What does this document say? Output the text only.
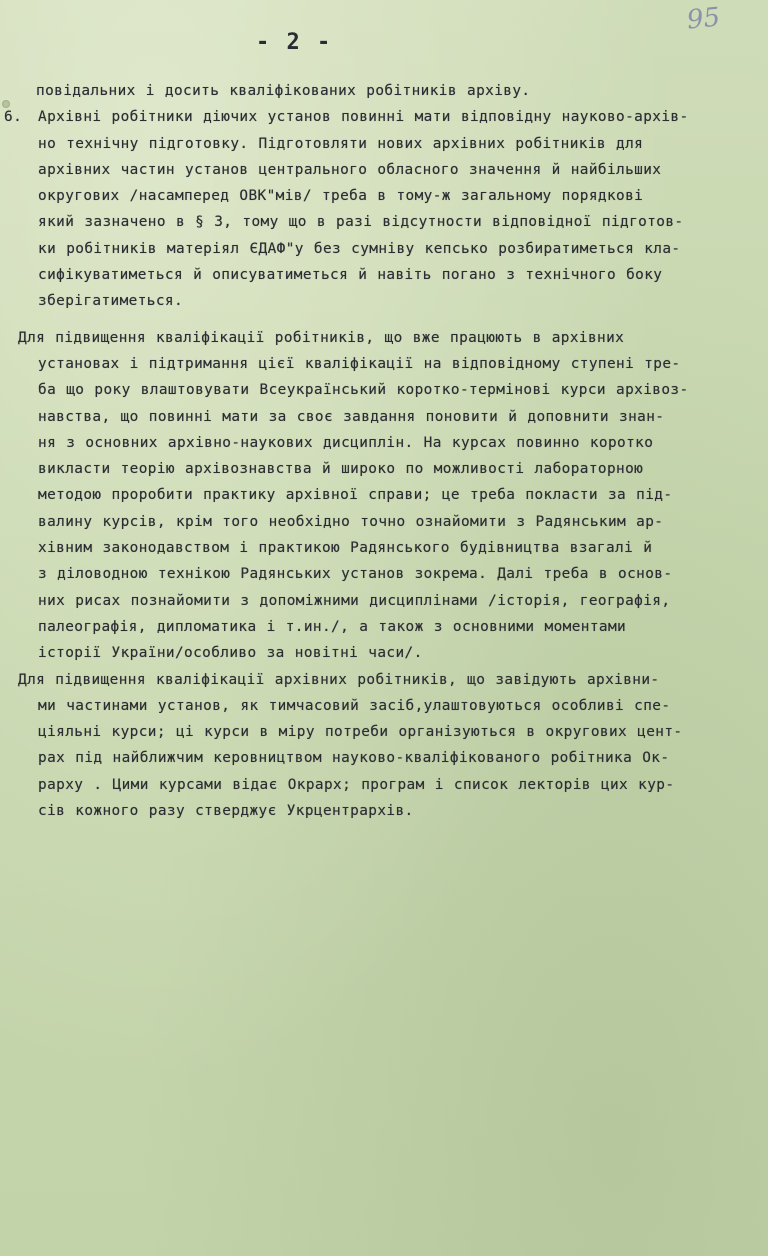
95
- 2 -
повідальних і досить кваліфікованих робітників архіву.
6. Архівні робітники діючих установ повинні мати відповідну науково-архів-
но технічну підготовку. Підготовляти нових архівних робітників для
архівних частин установ центрального обласного значення й найбільших
округових /насамперед ОВК"мів/ треба в тому-ж загальному порядкові
який зазначено в § 3, тому що в разі відсутности відповідної підготов-
ки робітників матеріял ЄДАФ"у без сумніву кепсько розбиратиметься кла-
сифікуватиметься й описуватиметься й навіть погано з технічного боку
зберігатиметься.
Для підвищення кваліфікації робітників, що вже працюють в архівних
установах і підтримання цієї кваліфікації на відповідному ступені тре-
ба що року влаштовувати Всеукраїнський коротко-термінові курси архівоз-
навства, що повинні мати за своє завдання поновити й доповнити знан-
ня з основних архівно-наукових дисциплін. На курсах повинно коротко
викласти теорію архівознавства й широко по можливості лабораторною
методою проробити практику архівної справи; це треба покласти за під-
валину курсів, крім того необхідно точно ознайомити з Радянським ар-
хівним законодавством і практикою Радянського будівництва взагалі й
з діловодною технікою Радянських установ зокрема. Далі треба в основ-
них рисах познайомити з допоміжними дисциплінами /історія, географія,
палеографія, дипломатика і т.ин./, а також з основними моментами
історії України/особливо за новітні часи/.
Для підвищення кваліфікації архівних робітників, що завідують архівни-
ми частинами установ, як тимчасовий засіб,улаштовуються особливі спе-
ціяльні курси; ці курси в міру потреби організуються в округових цент-
рах під найближчим керовництвом науково-кваліфікованого робітника Ок-
рарху . Цими курсами відає Окрарх; програм і список лекторів цих кур-
сів кожного разу стверджує Укрцентрархів.
